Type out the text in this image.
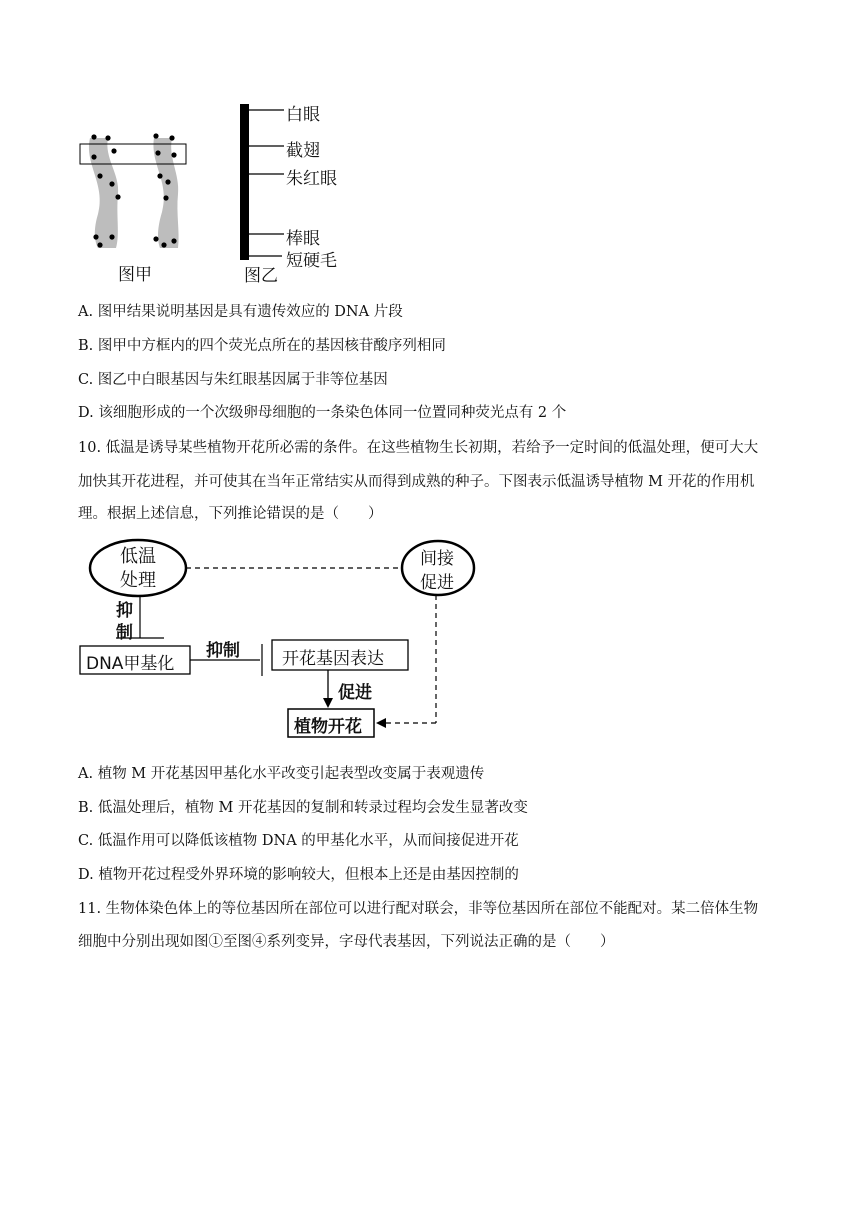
图甲
白眼
截翅
朱红眼
棒眼
短硬毛
图乙
A. 图甲结果说明基因是具有遗传效应的 DNA 片段
B. 图甲中方框内的四个荧光点所在的基因核苷酸序列相同
C. 图乙中白眼基因与朱红眼基因属于非等位基因
D. 该细胞形成的一个次级卵母细胞的一条染色体同一位置同种荧光点有 2 个
10. 低温是诱导某些植物开花所必需的条件。在这些植物生长初期，若给予一定时间的低温处理，便可大大
加快其开花进程，并可使其在当年正常结实从而得到成熟的种子。下图表示低温诱导植物 M 开花的作用机
理。根据上述信息，下列推论错误的是（　　）
低温
处理
间接
促进
抑
制
DNA甲基化
抑制 开花基因表达
促进
植物开花
A. 植物 M 开花基因甲基化水平改变引起表型改变属于表观遗传
B. 低温处理后，植物 M 开花基因的复制和转录过程均会发生显著改变
C. 低温作用可以降低该植物 DNA 的甲基化水平，从而间接促进开花
D. 植物开花过程受外界环境的影响较大，但根本上还是由基因控制的
11. 生物体染色体上的等位基因所在部位可以进行配对联会，非等位基因所在部位不能配对。某二倍体生物
细胞中分别出现如图①至图④系列变异，字母代表基因，下列说法正确的是（　　）
